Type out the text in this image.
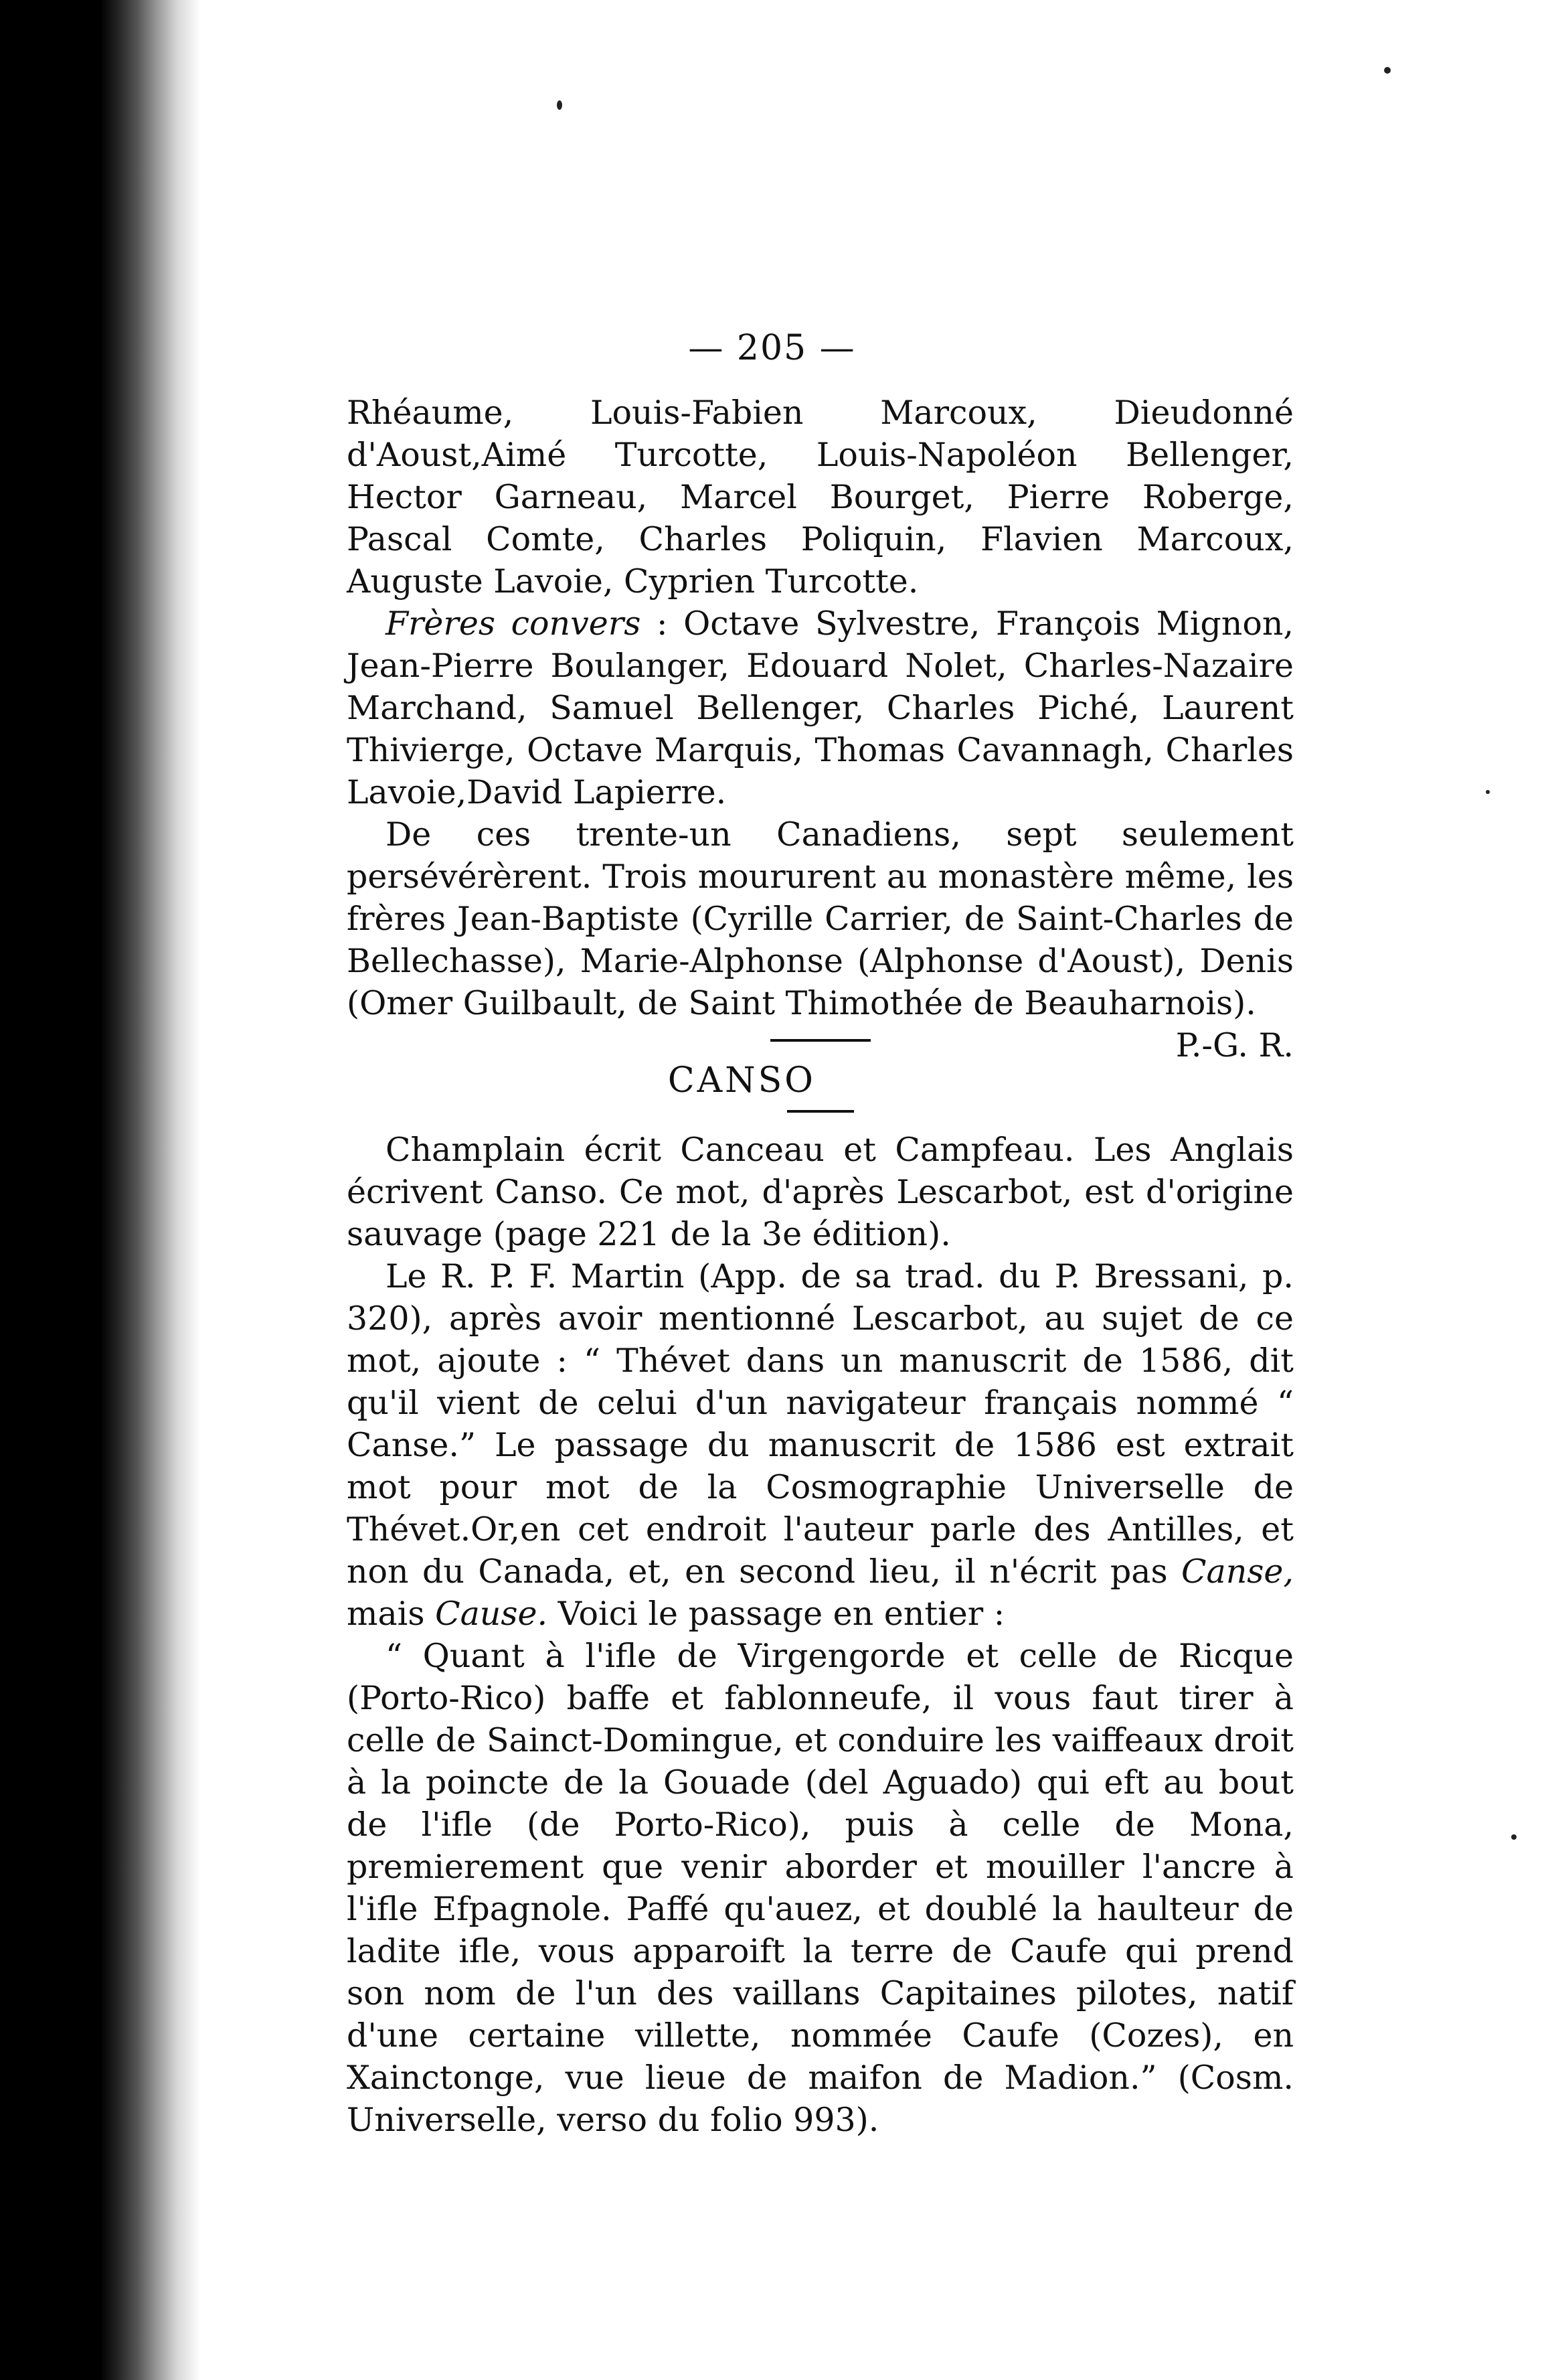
— 205 —

Rhéaume, Louis-Fabien Marcoux, Dieudonné d'Aoust,Aimé Turcotte, Louis-Napoléon Bellenger, Hector Garneau, Marcel Bourget, Pierre Roberge, Pascal Comte, Charles Poliquin, Flavien Marcoux, Auguste Lavoie, Cyprien Turcotte.

Frères convers : Octave Sylvestre, François Mignon, Jean-Pierre Boulanger, Edouard Nolet, Charles-Nazaire Marchand, Samuel Bellenger, Charles Piché, Laurent Thivierge, Octave Marquis, Thomas Cavannagh, Charles Lavoie,David Lapierre.

De ces trente-un Canadiens, sept seulement persévérèrent. Trois moururent au monastère même, les frères Jean-Baptiste (Cyrille Carrier, de Saint-Charles de Bellechasse), Marie-Alphonse (Alphonse d'Aoust), Denis (Omer Guilbault, de Saint Thimothée de Beauharnois).
P.-G. R.

CANSO

Champlain écrit Canceau et Campfeau. Les Anglais écrivent Canso. Ce mot, d'après Lescarbot, est d'origine sauvage (page 221 de la 3e édition).

Le R. P. F. Martin (App. de sa trad. du P. Bressani, p. 320), après avoir mentionné Lescarbot, au sujet de ce mot, ajoute : “ Thévet dans un manuscrit de 1586, dit qu'il vient de celui d'un navigateur français nommé “ Canse.” Le passage du manuscrit de 1586 est extrait mot pour mot de la Cosmographie Universelle de Thévet.Or,en cet endroit l'auteur parle des Antilles, et non du Canada, et, en second lieu, il n'écrit pas Canse, mais Cause. Voici le passage en entier :

“ Quant à l'ifle de Virgengorde et celle de Ricque (Porto-Rico) baffe et fablonneufe, il vous faut tirer à celle de Sainct-Domingue, et conduire les vaiffeaux droit à la poincte de la Gouade (del Aguado) qui eft au bout de l'ifle (de Porto-Rico), puis à celle de Mona, premierement que venir aborder et mouiller l'ancre à l'ifle Efpagnole. Paffé qu'auez, et doublé la haulteur de ladite ifle, vous apparoift la terre de Caufe qui prend son nom de l'un des vaillans Capitaines pilotes, natif d'une certaine villette, nommée Caufe (Cozes), en Xainctonge, vue lieue de maifon de Madion.” (Cosm. Universelle, verso du folio 993).
